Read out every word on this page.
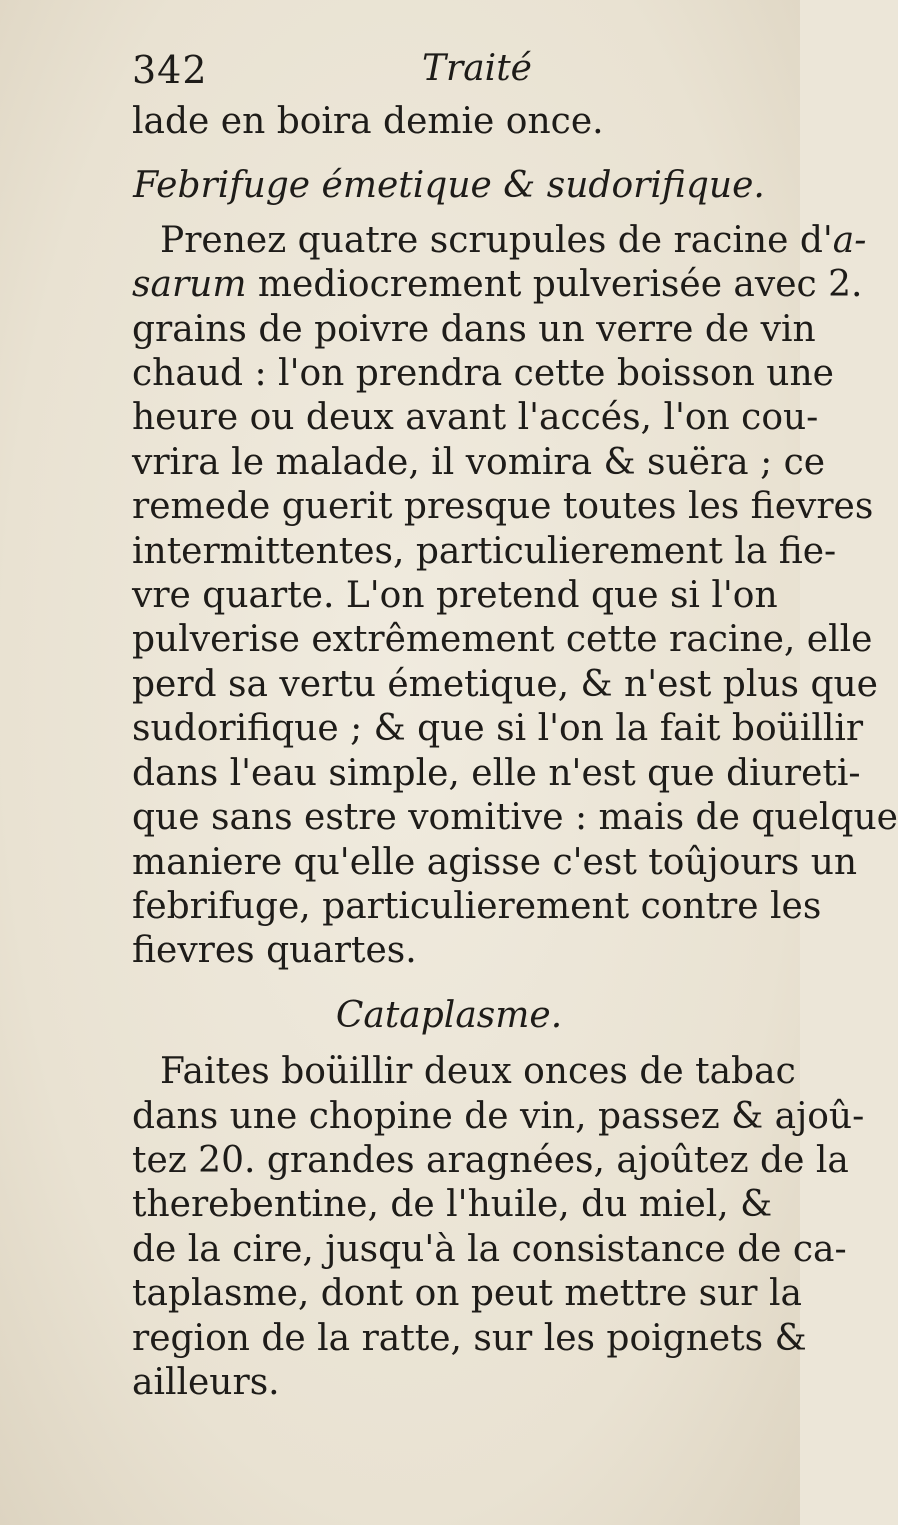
342	Traité
lade en boira demie once.
Febrifuge émetique & sudorifique.
Prenez quatre scrupules de racine d'a-
sarum mediocrement pulverisée avec 2.
grains de poivre dans un verre de vin
chaud : l'on prendra cette boisson une
heure ou deux avant l'accés, l'on cou-
vrira le malade, il vomira & suëra ; ce
remede guerit presque toutes les fievres
intermittentes, particulierement la fie-
vre quarte. L'on pretend que si l'on
pulverise extrêmement cette racine, elle
perd sa vertu émetique, & n'est plus que
sudorifique ; & que si l'on la fait boüillir
dans l'eau simple, elle n'est que diureti-
que sans estre vomitive : mais de quelque
maniere qu'elle agisse c'est toûjours un
febrifuge, particulierement contre les
fievres quartes.
Cataplasme.
Faites boüillir deux onces de tabac
dans une chopine de vin, passez & ajoû-
tez 20. grandes aragnées, ajoûtez de la
therebentine, de l'huile, du miel, &
de la cire, jusqu'à la consistance de ca-
taplasme, dont on peut mettre sur la
region de la ratte, sur les poignets &
ailleurs.
